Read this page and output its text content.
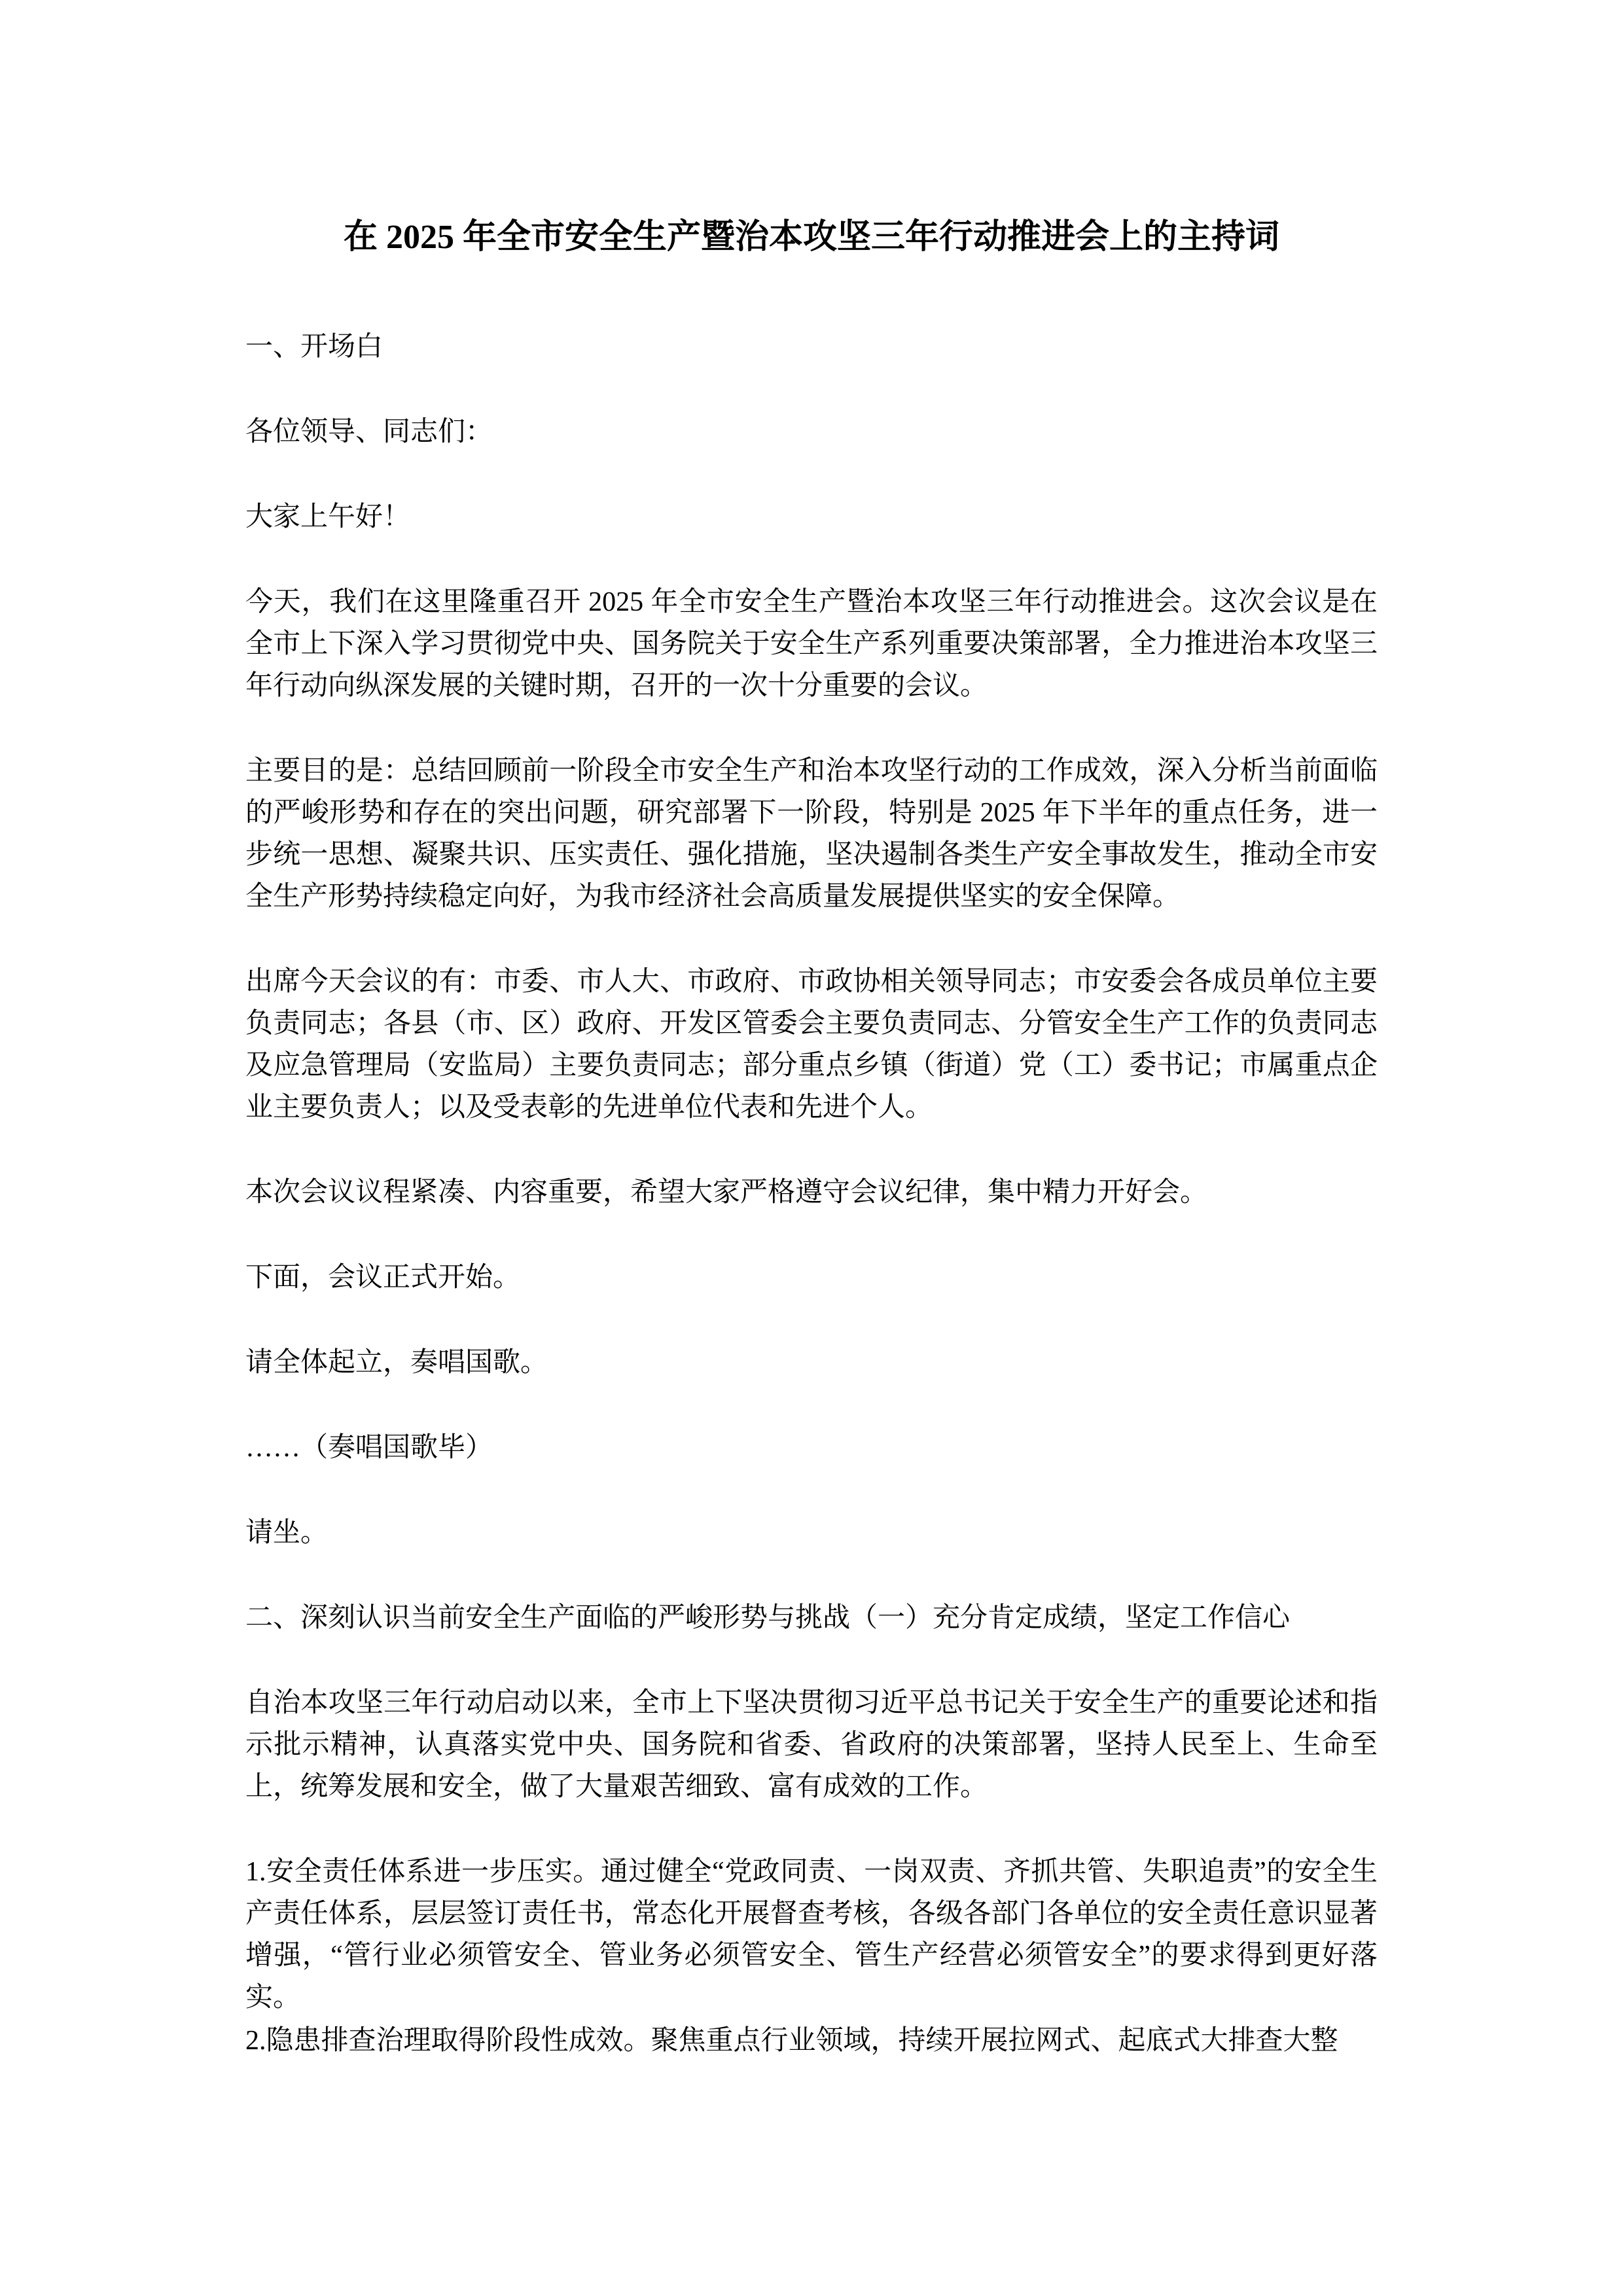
在 2025 年全市安全生产暨治本攻坚三年行动推进会上的主持词

一、开场白

各位领导、同志们：

大家上午好！

今天，我们在这里隆重召开 2025 年全市安全生产暨治本攻坚三年行动推进会。这次会议是在全市上下深入学习贯彻党中央、国务院关于安全生产系列重要决策部署，全力推进治本攻坚三年行动向纵深发展的关键时期，召开的一次十分重要的会议。

主要目的是：总结回顾前一阶段全市安全生产和治本攻坚行动的工作成效，深入分析当前面临的严峻形势和存在的突出问题，研究部署下一阶段，特别是 2025 年下半年的重点任务，进一步统一思想、凝聚共识、压实责任、强化措施，坚决遏制各类生产安全事故发生，推动全市安全生产形势持续稳定向好，为我市经济社会高质量发展提供坚实的安全保障。

出席今天会议的有：市委、市人大、市政府、市政协相关领导同志；市安委会各成员单位主要负责同志；各县（市、区）政府、开发区管委会主要负责同志、分管安全生产工作的负责同志及应急管理局（安监局）主要负责同志；部分重点乡镇（街道）党（工）委书记；市属重点企业主要负责人；以及受表彰的先进单位代表和先进个人。

本次会议议程紧凑、内容重要，希望大家严格遵守会议纪律，集中精力开好会。

下面，会议正式开始。

请全体起立，奏唱国歌。

……（奏唱国歌毕）

请坐。

二、深刻认识当前安全生产面临的严峻形势与挑战（一）充分肯定成绩，坚定工作信心

自治本攻坚三年行动启动以来，全市上下坚决贯彻习近平总书记关于安全生产的重要论述和指示批示精神，认真落实党中央、国务院和省委、省政府的决策部署，坚持人民至上、生命至上，统筹发展和安全，做了大量艰苦细致、富有成效的工作。

1.安全责任体系进一步压实。通过健全“党政同责、一岗双责、齐抓共管、失职追责”的安全生产责任体系，层层签订责任书，常态化开展督查考核，各级各部门各单位的安全责任意识显著增强，“管行业必须管安全、管业务必须管安全、管生产经营必须管安全”的要求得到更好落实。

2.隐患排查治理取得阶段性成效。聚焦重点行业领域，持续开展拉网式、起底式大排查大整
